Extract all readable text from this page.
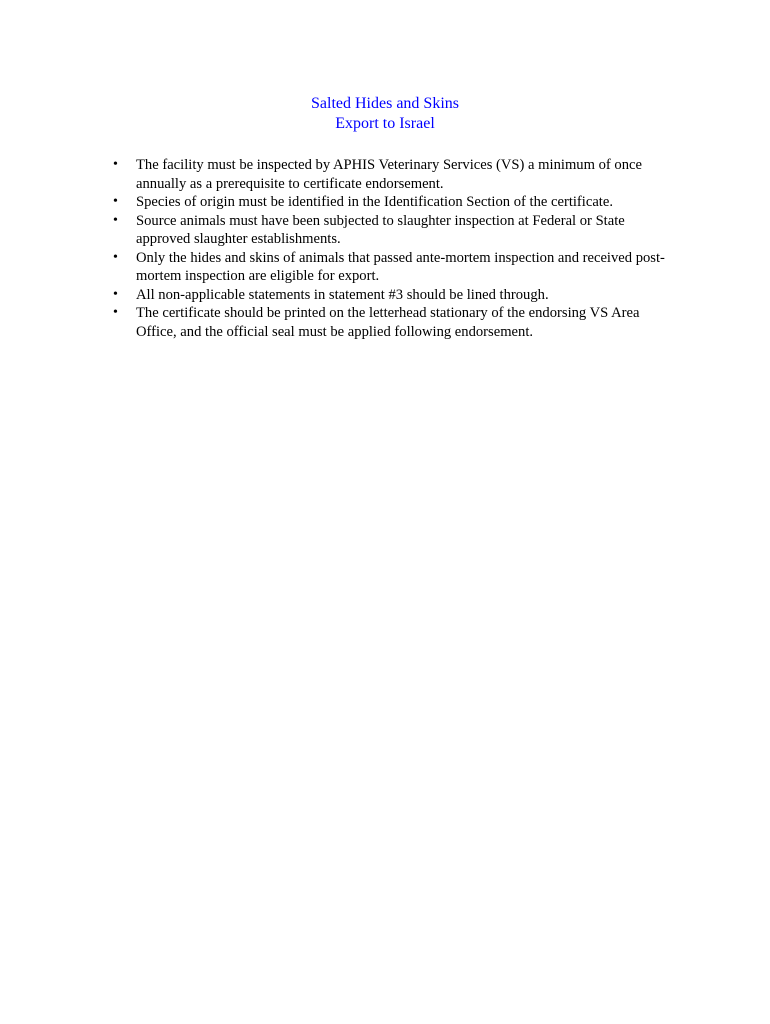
Salted Hides and Skins
Export to Israel
• The facility must be inspected by APHIS Veterinary Services (VS) a minimum of once annually as a prerequisite to certificate endorsement.
• Species of origin must be identified in the Identification Section of the certificate.
• Source animals must have been subjected to slaughter inspection at Federal or State approved slaughter establishments.
• Only the hides and skins of animals that passed ante-mortem inspection and received post-mortem inspection are eligible for export.
• All non-applicable statements in statement #3 should be lined through.
• The certificate should be printed on the letterhead stationary of the endorsing VS Area Office, and the official seal must be applied following endorsement.
